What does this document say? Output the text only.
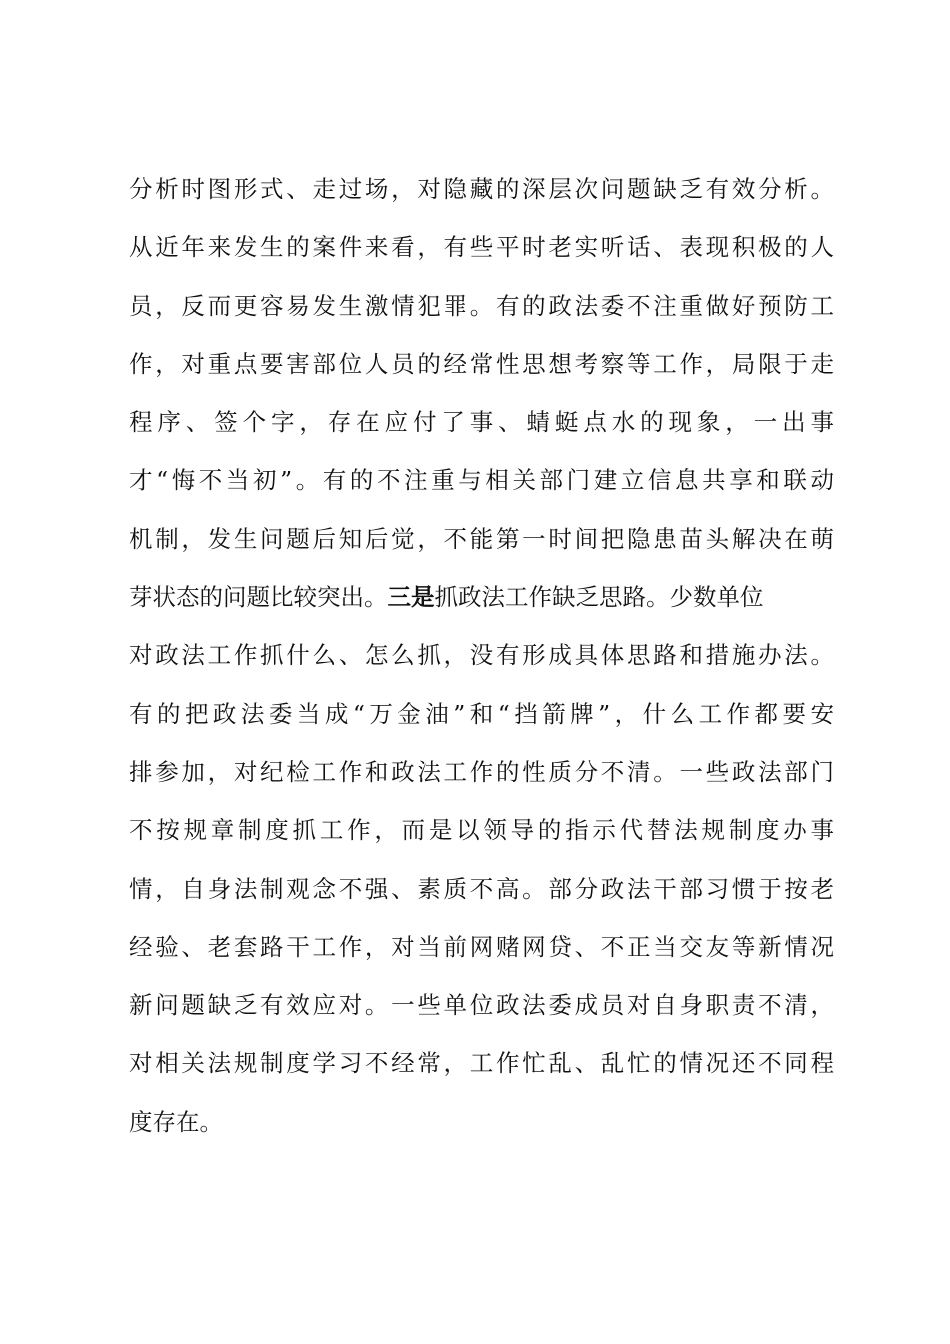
分析时图形式、走过场，对隐藏的深层次问题缺乏有效分析。
从近年来发生的案件来看，有些平时老实听话、表现积极的人
员，反而更容易发生激情犯罪。有的政法委不注重做好预防工
作，对重点要害部位人员的经常性思想考察等工作，局限于走
程序、签个字，存在应付了事、蜻蜓点水的现象，一出事
才“悔不当初”。有的不注重与相关部门建立信息共享和联动
机制，发生问题后知后觉，不能第一时间把隐患苗头解决在萌
芽状态的问题比较突出。三是抓政法工作缺乏思路。少数单位
对政法工作抓什么、怎么抓，没有形成具体思路和措施办法。
有的把政法委当成“万金油”和“挡箭牌”，什么工作都要安
排参加，对纪检工作和政法工作的性质分不清。一些政法部门
不按规章制度抓工作，而是以领导的指示代替法规制度办事
情，自身法制观念不强、素质不高。部分政法干部习惯于按老
经验、老套路干工作，对当前网赌网贷、不正当交友等新情况
新问题缺乏有效应对。一些单位政法委成员对自身职责不清，
对相关法规制度学习不经常，工作忙乱、乱忙的情况还不同程
度存在。
